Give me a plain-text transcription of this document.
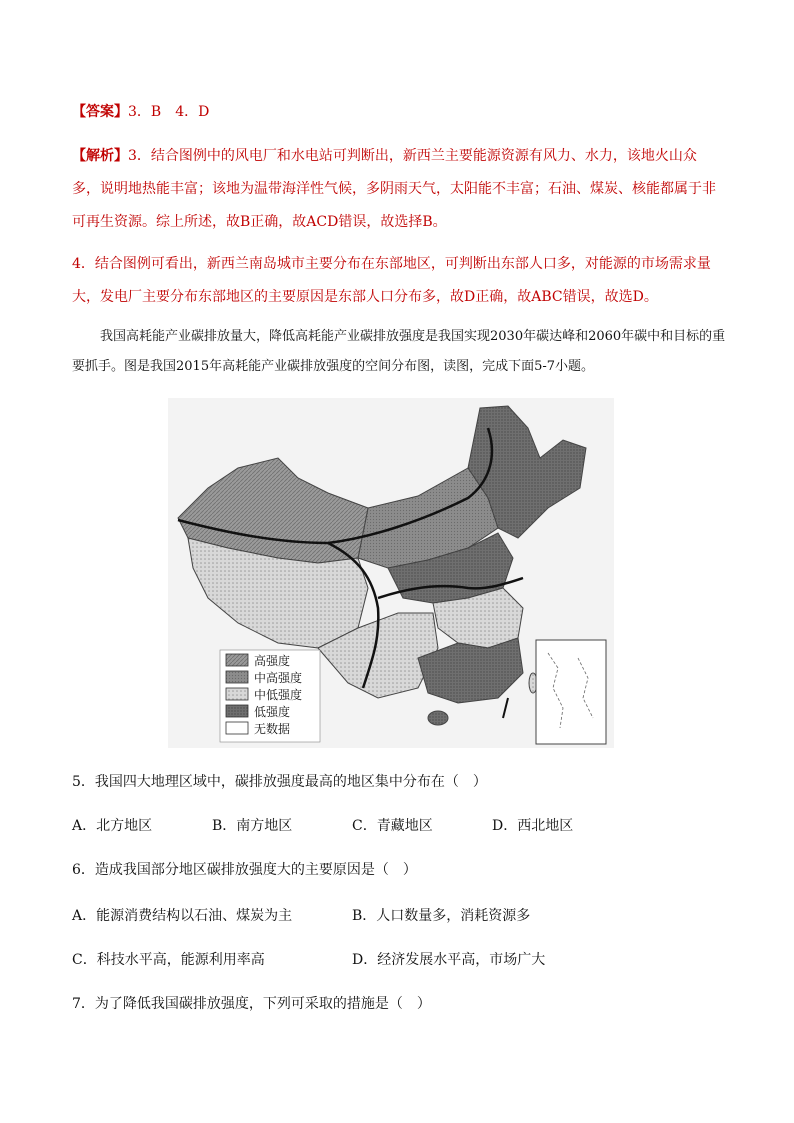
【答案】3．B　4．D
【解析】3．结合图例中的风电厂和水电站可判断出，新西兰主要能源资源有风力、水力，该地火山众多，说明地热能丰富；该地为温带海洋性气候，多阴雨天气，太阳能不丰富；石油、煤炭、核能都属于非可再生资源。综上所述，故B正确，故ACD错误，故选择B。
4．结合图例可看出，新西兰南岛城市主要分布在东部地区，可判断出东部人口多，对能源的市场需求量大，发电厂主要分布东部地区的主要原因是东部人口分布多，故D正确，故ABC错误，故选D。
我国高耗能产业碳排放量大，降低高耗能产业碳排放强度是我国实现2030年碳达峰和2060年碳中和目标的重要抓手。图是我国2015年高耗能产业碳排放强度的空间分布图，读图，完成下面5-7小题。
高强度
中高强度
中低强度
低强度
无数据
5．我国四大地理区域中，碳排放强度最高的地区集中分布在（　）
A．北方地区	B．南方地区	C．青藏地区	D．西北地区
6．造成我国部分地区碳排放强度大的主要原因是（　）
A．能源消费结构以石油、煤炭为主	B．人口数量多，消耗资源多
C．科技水平高，能源利用率高	D．经济发展水平高，市场广大
7．为了降低我国碳排放强度，下列可采取的措施是（　）
